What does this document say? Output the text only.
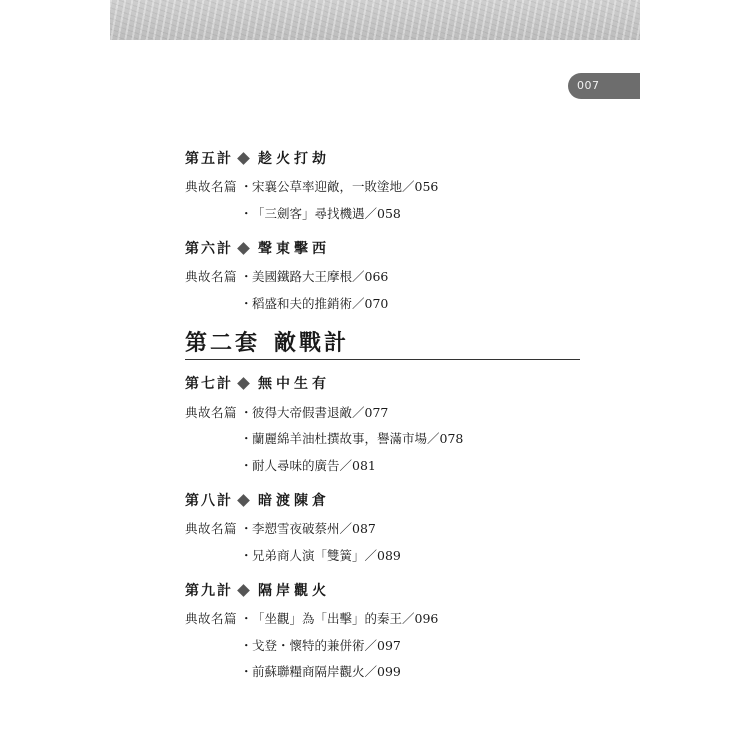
007
第五計 趁火打劫
典故名篇 ・宋襄公草率迎敵，一敗塗地／056
・「三劍客」尋找機遇／058
第六計 聲東擊西
典故名篇 ・美國鐵路大王摩根／066
・稻盛和夫的推銷術／070
第二套 敵戰計
第七計 無中生有
典故名篇 ・彼得大帝假書退敵／077
・蘭麗綿羊油杜撰故事，譽滿市場／078
・耐人尋味的廣告／081
第八計 暗渡陳倉
典故名篇 ・李愬雪夜破蔡州／087
・兄弟商人演「雙簧」／089
第九計 隔岸觀火
典故名篇 ・「坐觀」為「出擊」的秦王／096
・戈登・懷特的兼併術／097
・前蘇聯糧商隔岸觀火／099
